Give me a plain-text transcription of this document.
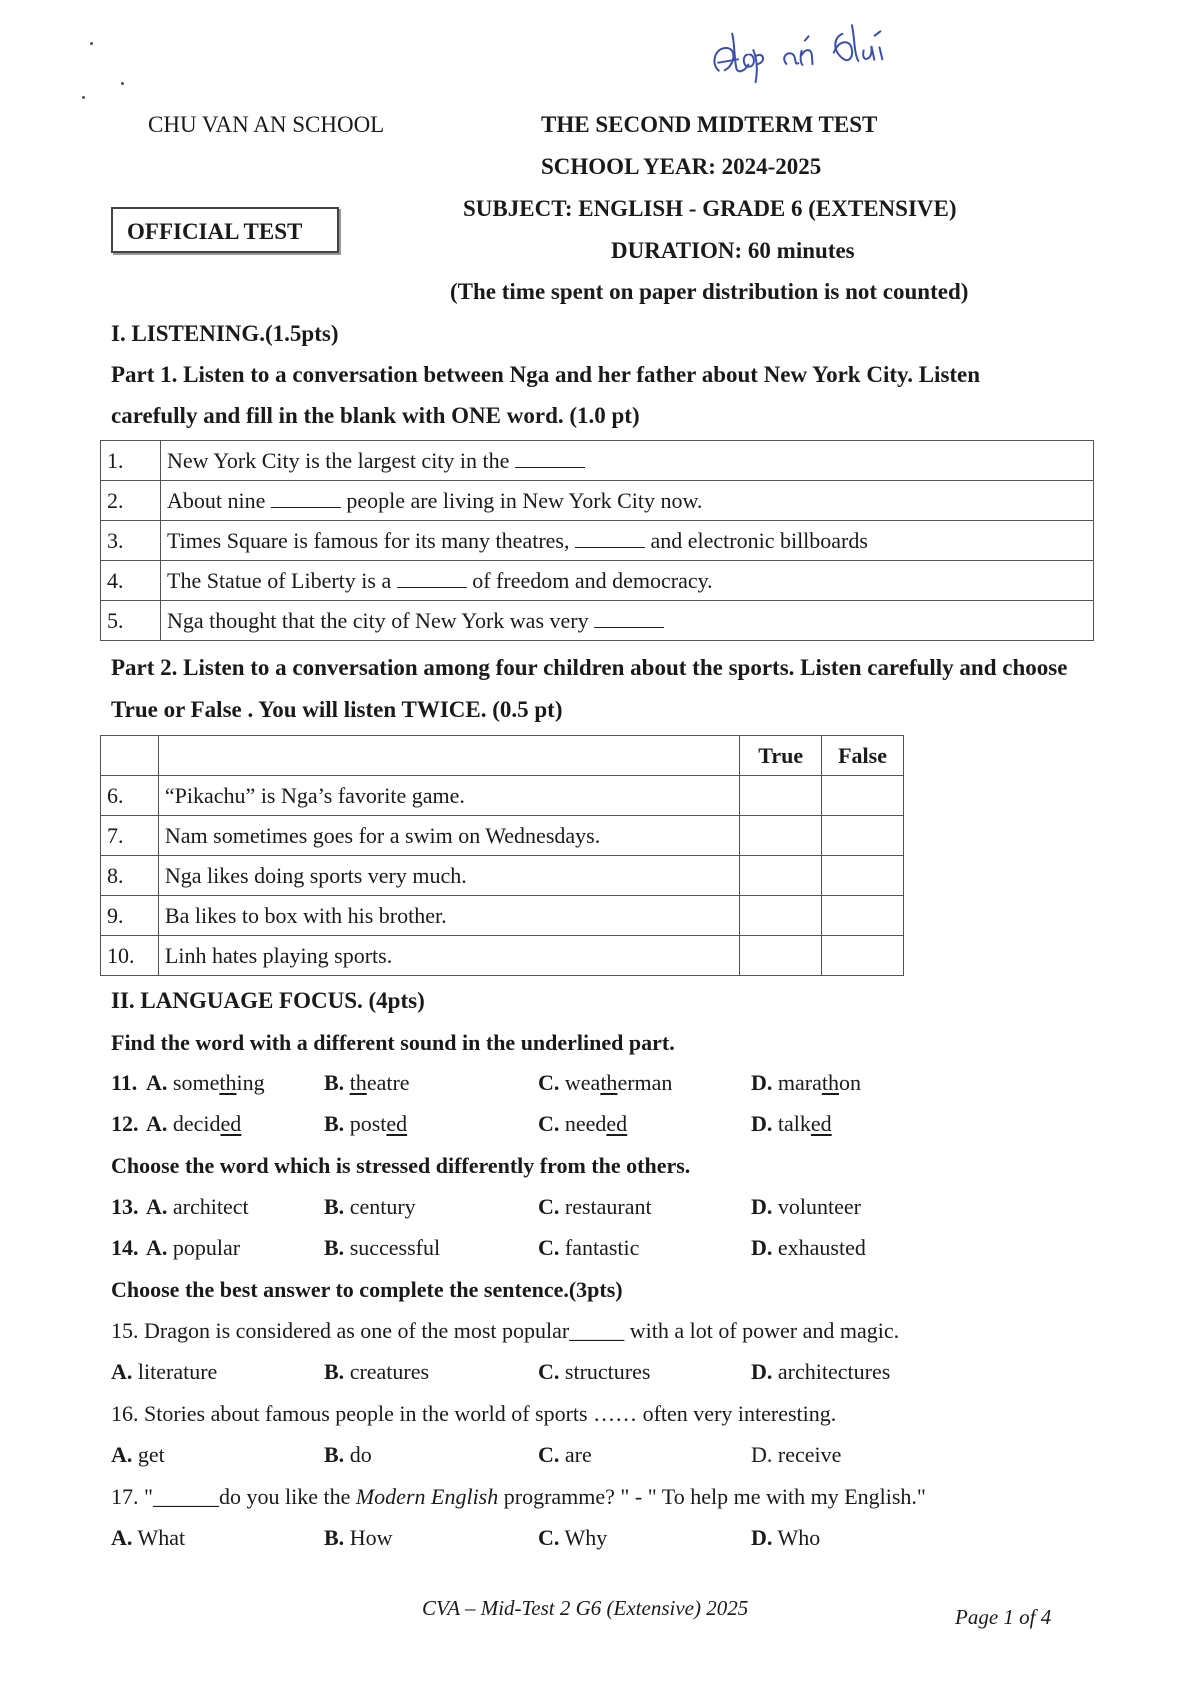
CHU VAN AN SCHOOL	THE SECOND MIDTERM TEST
SCHOOL YEAR: 2024-2025
SUBJECT: ENGLISH - GRADE 6 (EXTENSIVE)
OFFICIAL TEST
DURATION: 60 minutes
(The time spent on paper distribution is not counted)
I. LISTENING.(1.5pts)
Part 1. Listen to a conversation between Nga and her father about New York City. Listen
carefully and fill in the blank with ONE word. (1.0 pt)
1.	New York City is the largest city in the
2.	About nine people are living in New York City now.
3.	Times Square is famous for its many theatres, and electronic billboards
4.	The Statue of Liberty is a of freedom and democracy.
5.	Nga thought that the city of New York was very
Part 2. Listen to a conversation among four children about the sports. Listen carefully and choose
True or False . You will listen TWICE. (0.5 pt)
		True	False
6.	“Pikachu” is Nga’s favorite game.		
7.	Nam sometimes goes for a swim on Wednesdays.		
8.	Nga likes doing sports very much.		
9.	Ba likes to box with his brother.		
10.	Linh hates playing sports.		
II. LANGUAGE FOCUS. (4pts)
Find the word with a different sound in the underlined part.
11. A. something	B. theatre	C. weatherman	D. marathon
12. A. decided	B. posted	C. needed	D. talked
Choose the word which is stressed differently from the others.
13. A. architect	B. century	C. restaurant	D. volunteer
14. A. popular	B. successful	C. fantastic	D. exhausted
Choose the best answer to complete the sentence.(3pts)
15. Dragon is considered as one of the most popular_____ with a lot of power and magic.
A. literature	B. creatures	C. structures	D. architectures
16. Stories about famous people in the world of sports …… often very interesting.
A. get	B. do	C. are	D. receive
17. "______do you like the Modern English programme? " - " To help me with my English."
A. What	B. How	C. Why	D. Who
CVA – Mid-Test 2 G6 (Extensive) 2025	Page 1 of 4
